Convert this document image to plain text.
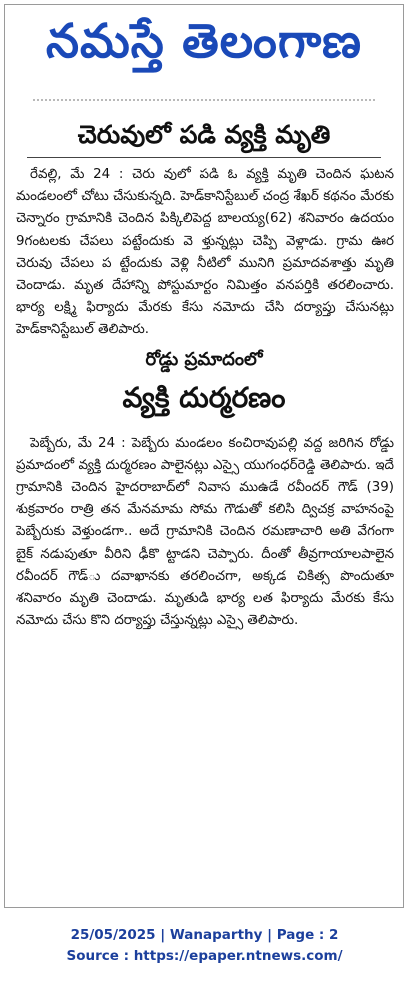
నమస్తే తెలంగాణ
చెరువులో పడి వ్యక్తి మృతి

రేవల్లి, మే 24 : చెరు వులో పడి ఓ వ్యక్తి మృతి చెందిన ఘటన మండలంలో చోటు చేసుకున్నది. హెడ్‌కానిస్టేబుల్ చంద్ర శేఖర్ కథనం మేరకు చెన్నారం గ్రామానికి చెందిన పిక్కిలిపెద్ద బాలయ్య(62) శనివారం ఉదయం 9గంటలకు చేపలు పట్టేందుకు వె ళ్తున్నట్లు చెప్పి వెళ్లాడు. గ్రామ ఊర చెరువు చేపలు ప ట్టేందుకు వెళ్లి నీటిలో మునిగి ప్రమాదవశాత్తు మృతి చెందాడు. మృత దేహాన్ని పోస్టుమార్టం నిమిత్తం వనపర్తికి తరలించారు. భార్య లక్ష్మి ఫిర్యాదు మేరకు కేసు నమోదు చేసి దర్యాప్తు చేసునట్లు హెడ్‌కానిస్టేబుల్ తెలిపారు.

రోడ్డు ప్రమాదంలో
వ్యక్తి దుర్మరణం

పెబ్బేరు, మే 24 : పెబ్బేరు మండలం కంచిరావుపల్లి వద్ద జరిగిన రోడ్డు ప్రమాదంలో వ్యక్తి దుర్మరణం పాలైనట్లు ఎస్సై యుగంధర్‌రెడ్డి తెలిపారు. ఇదే గ్రామానికి చెందిన హైదరాబాద్‌లో నివాస ముఉడే రవీందర్ గౌడ్ (39) శుక్రవారం రాత్రి తన మేనమామ సోమ గౌడుతో కలిసి ద్విచక్ర వాహనంపై పెబ్బేరుకు వెళ్తుండగా.. అదే గ్రామానికి చెందిన రమణాచారి అతి వేగంగా బైక్ నడుపుతూ వీరిని ఢీకొ ట్టాడని చెప్పారు. దీంతో తీవ్రగాయాలపాలైన రవీందర్ గౌడ్‌ు దవాఖానకు తరలించగా, అక్కడ చికిత్స పొందుతూ శనివారం మృతి చెందాడు. మృతుడి భార్య లత ఫిర్యాదు మేరకు కేసు నమోదు చేసు కొని దర్యాప్తు చేస్తున్నట్లు ఎస్సై తెలిపారు.

25/05/2025 | Wanaparthy | Page : 2
Source : https://epaper.ntnews.com/
